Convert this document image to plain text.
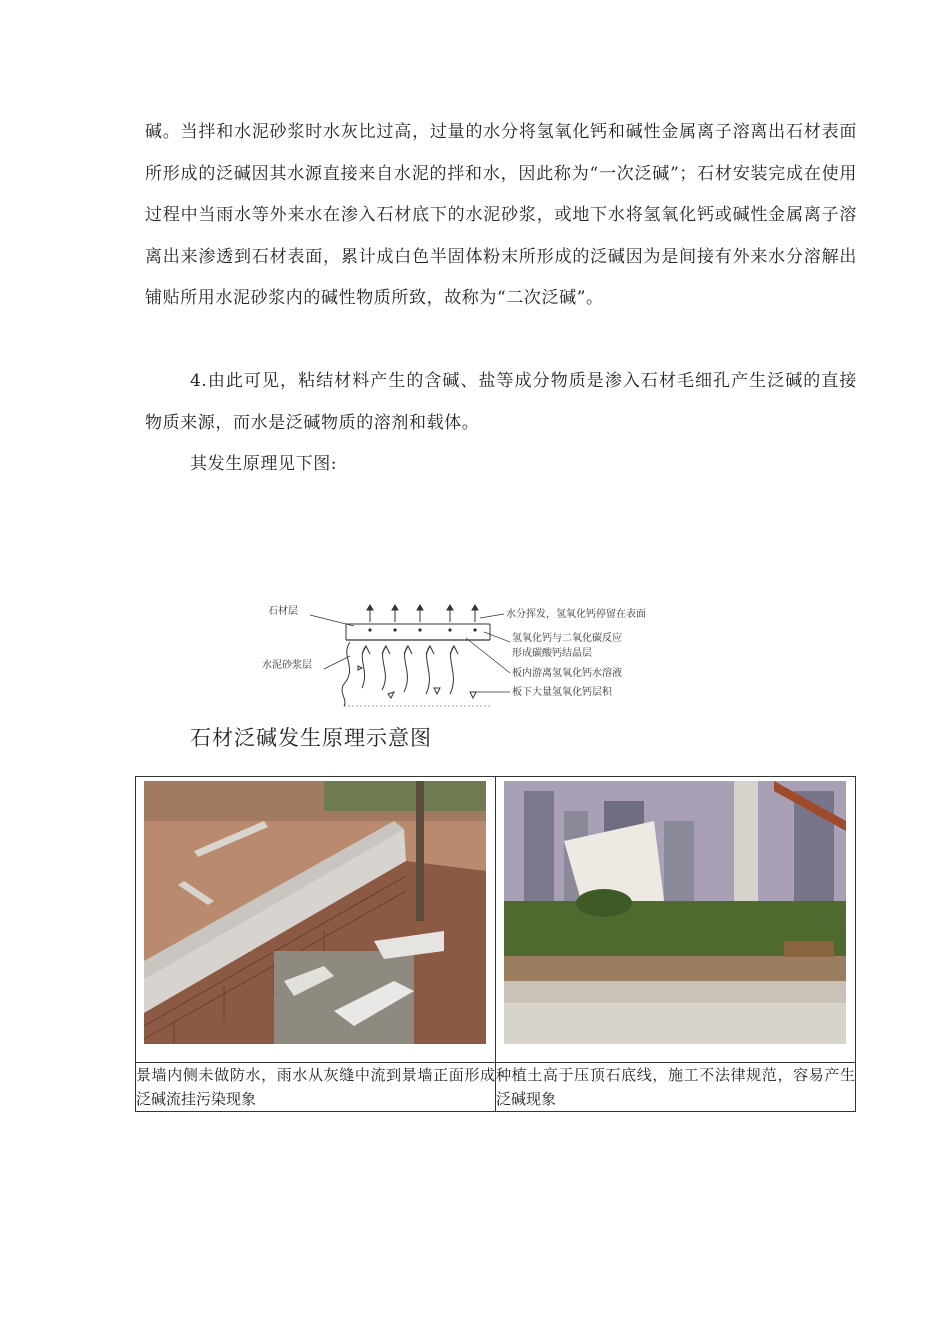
碱。当拌和水泥砂浆时水灰比过高，过量的水分将氢氧化钙和碱性金属离子溶离出石材表面所形成的泛碱因其水源直接来自水泥的拌和水，因此称为“一次泛碱”；石材安装完成在使用过程中当雨水等外来水在渗入石材底下的水泥砂浆，或地下水将氢氧化钙或碱性金属离子溶离出来渗透到石材表面，累计成白色半固体粉末所形成的泛碱因为是间接有外来水分溶解出铺贴所用水泥砂浆内的碱性物质所致，故称为“二次泛碱”。

4.由此可见，粘结材料产生的含碱、盐等成分物质是渗入石材毛细孔产生泛碱的直接物质来源，而水是泛碱物质的溶剂和载体。

其发生原理见下图:

石材层
水泥砂浆层
水分挥发，氢氧化钙停留在表面
氢氧化钙与二氧化碳反应
形成碳酸钙结晶层
板内游离氢氧化钙水溶液
板下大量氢氧化钙层积

石材泛碱发生原理示意图

景墙内侧未做防水，雨水从灰缝中流到景墙正面形成泛碱流挂污染现象	种植土高于压顶石底线，施工不法律规范，容易产生泛碱现象
